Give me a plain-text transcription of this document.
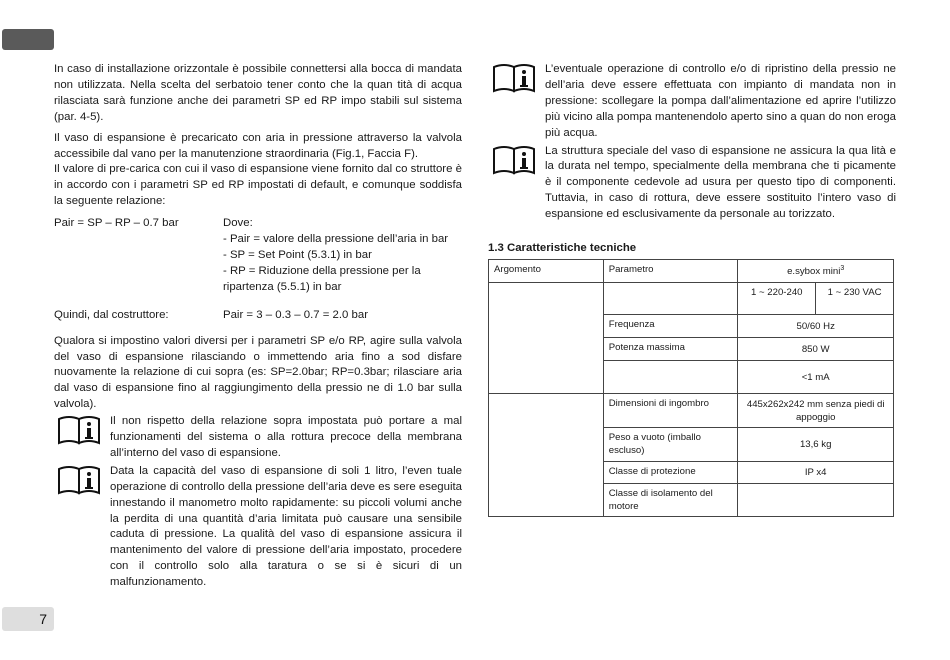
In caso di installazione orizzontale è possibile connettersi alla bocca di mandata non utilizzata. Nella scelta del serbatoio tener conto che la quan tità di acqua rilasciata sarà funzione anche dei parametri SP ed RP impo stabili sul sistema (par. 4-5).

Il vaso di espansione è precaricato con aria in pressione attraverso la valvola accessibile dal vano per la manutenzione straordinaria (Fig.1, Faccia F).

Il valore di pre-carica con cui il vaso di espansione viene fornito dal co struttore è in accordo con i parametri SP ed RP impostati di default, e comunque soddisfa la seguente relazione:

Pair = SP – RP – 0.7 bar	Dove:
- Pair = valore della pressione dell’aria in bar
- SP = Set Point (5.3.1) in bar
- RP = Riduzione della pressione per la ripartenza (5.5.1) in bar
Quindi, dal costruttore:	Pair = 3 – 0.3 – 0.7 = 2.0 bar

Qualora si impostino valori diversi per i parametri SP e/o RP, agire sulla valvola del vaso di espansione rilasciando o immettendo aria fino a sod disfare nuovamente la relazione di cui sopra (es: SP=2.0bar; RP=0.3bar; rilasciare aria dal vaso di espansione fino al raggiungimento della pressio ne di 1.0 bar sulla valvola).

Il non rispetto della relazione sopra impostata può portare a mal funzionamenti del sistema o alla rottura precoce della membrana all’interno del vaso di espansione.

Data la capacità del vaso di espansione di soli 1 litro, l’even tuale operazione di controllo della pressione dell’aria deve es sere eseguita innestando il manometro molto rapidamente: su piccoli volumi anche la perdita di una quantità d’aria limitata può causare una sensibile caduta di pressione. La qualità del vaso di espansione assicura il mantenimento del valore di pressione dell’aria impostato, procedere con il controllo solo alla taratura o se si è sicuri di un malfunzionamento.

L’eventuale operazione di controllo e/o di ripristino della pressio ne dell’aria deve essere effettuata con impianto di mandata non in pressione: scollegare la pompa dall’alimentazione ed aprire l’utilizzo più vicino alla pompa mantenendolo aperto sino a quan do non eroga più acqua.

La struttura speciale del vaso di espansione ne assicura la qua lità e la durata nel tempo, specialmente della membrana che ti picamente è il componente cedevole ad usura per questo tipo di componenti. Tuttavia, in caso di rottura, deve essere sostituito l’intero vaso di espansione ed esclusivamente da personale au torizzato.

1.3 Caratteristiche tecniche
Argomento	Parametro	e.sybox mini$^3$
		1 ~ 220-240	1 ~ 230 VAC
	Frequenza	50/60 Hz	
	Potenza massima	850 W	
		<1 mA	
	Dimensioni di ingombro	445x262x242 mm senza piedi di appoggio	
	Peso a vuoto (imballo escluso)	13,6 kg	
	Classe di protezione	IP x4	
	Classe di isolamento del motore		
7
